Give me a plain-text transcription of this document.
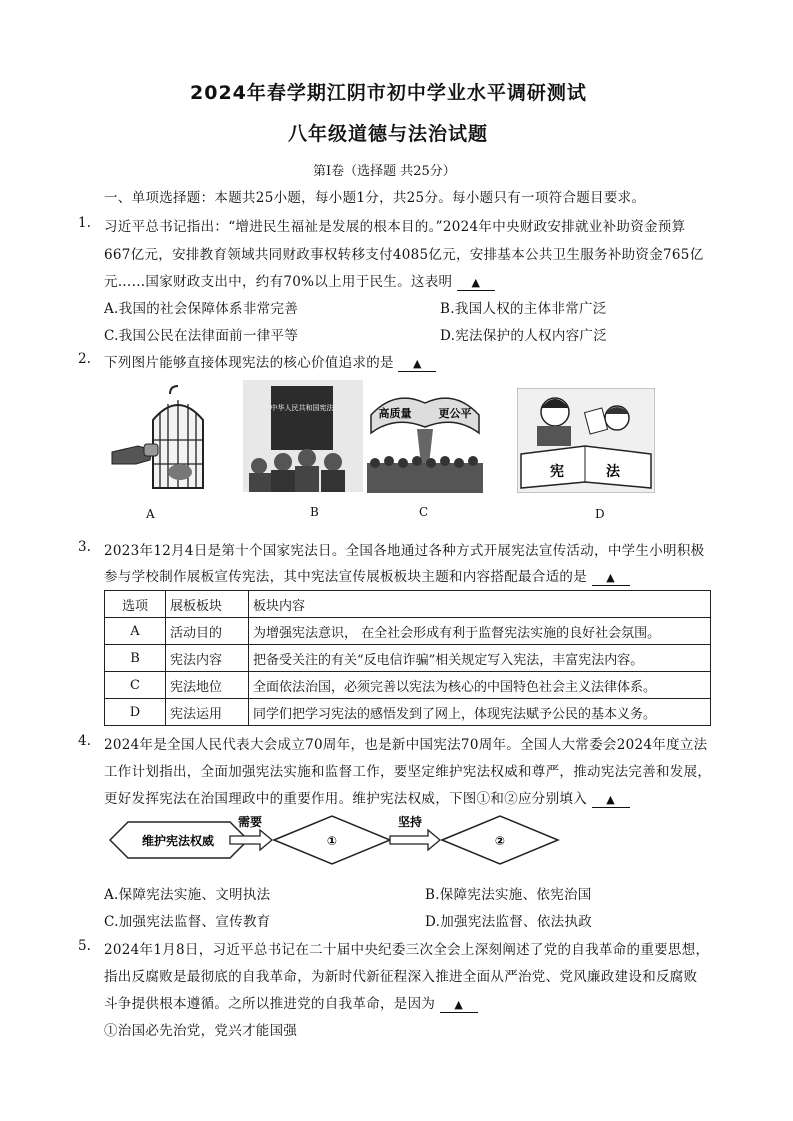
2024年春学期江阴市初中学业水平调研测试
八年级道德与法治试题
第Ⅰ卷（选择题 共25分）
一、单项选择题：本题共25小题，每小题1分，共25分。每小题只有一项符合题目要求。
1. 习近平总书记指出：“增进民生福祉是发展的根本目的。”2024年中央财政安排就业补助资金预算
667亿元，安排教育领域共同财政事权转移支付4085亿元，安排基本公共卫生服务补助资金765亿
元……国家财政支出中，约有70%以上用于民生。这表明 ▲
A.我国的社会保障体系非常完善	B.我国人权的主体非常广泛
C.我国公民在法律面前一律平等	D.宪法保护的人权内容广泛
2. 下列图片能够直接体现宪法的核心价值追求的是 ▲
中华人民共和国宪法	高质量 更公平
宪	法
A	B	C	D
3. 2023年12月4日是第十个国家宪法日。全国各地通过各种方式开展宪法宣传活动，中学生小明积极
参与学校制作展板宣传宪法，其中宪法宣传展板板块主题和内容搭配最合适的是 ▲
选项	展板板块	板块内容
A	活动目的	为增强宪法意识， 在全社会形成有利于监督宪法实施的良好社会氛围。
B	宪法内容	把备受关注的有关“反电信诈骗”相关规定写入宪法，丰富宪法内容。
C	宪法地位	全面依法治国，必须完善以宪法为核心的中国特色社会主义法律体系。
D	宪法运用	同学们把学习宪法的感悟发到了网上，体现宪法赋予公民的基本义务。
4. 2024年是全国人民代表大会成立70周年，也是新中国宪法70周年。全国人大常委会2024年度立法
工作计划指出，全面加强宪法实施和监督工作，要坚定维护宪法权威和尊严，推动宪法完善和发展，
更好发挥宪法在治国理政中的重要作用。维护宪法权威，下图①和②应分别填入 ▲
维护宪法权威
需要
①
坚持
②
A.保障宪法实施、文明执法	B.保障宪法实施、依宪治国
C.加强宪法监督、宣传教育	D.加强宪法监督、依法执政
5. 2024年1月8日，习近平总书记在二十届中央纪委三次全会上深刻阐述了党的自我革命的重要思想，
指出反腐败是最彻底的自我革命，为新时代新征程深入推进全面从严治党、党风廉政建设和反腐败
斗争提供根本遵循。之所以推进党的自我革命，是因为 ▲
①治国必先治党，党兴才能国强
